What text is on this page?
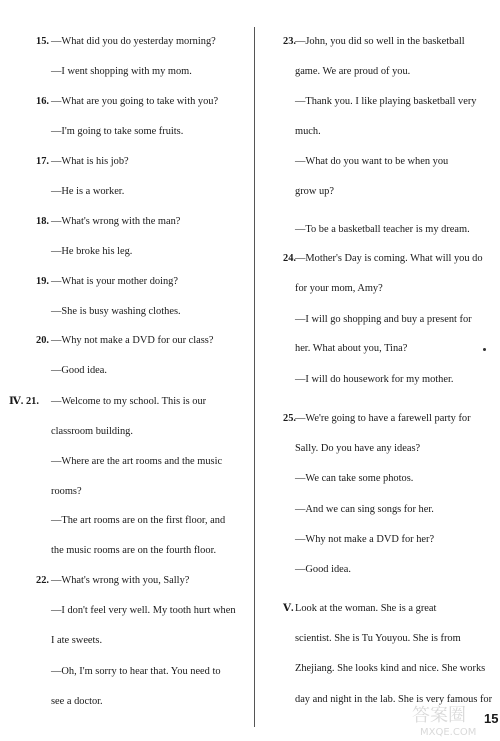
15. —What did you do yesterday morning?
—I went shopping with my mom.
16. —What are you going to take with you?
—I'm going to take some fruits.
17. —What is his job?
—He is a worker.
18. —What's wrong with the man?
—He broke his leg.
19. —What is your mother doing?
—She is busy washing clothes.
20. —Why not make a DVD for our class?
—Good idea.
Ⅳ. 21. —Welcome to my school. This is our
classroom building.
—Where are the art rooms and the music
rooms?
—The art rooms are on the first floor, and
the music rooms are on the fourth floor.
22. —What's wrong with you, Sally?
—I don't feel very well. My tooth hurt when
I ate sweets.
—Oh, I'm sorry to hear that. You need to
see a doctor.
23. —John, you did so well in the basketball
game. We are proud of you.
—Thank you. I like playing basketball very
much.
—What do you want to be when you
grow up?
—To be a basketball teacher is my dream.
24. —Mother's Day is coming. What will you do
for your mom, Amy?
—I will go shopping and buy a present for
her. What about you, Tina?
—I will do housework for my mother.
25. —We're going to have a farewell party for
Sally. Do you have any ideas?
—We can take some photos.
—And we can sing songs for her.
—Why not make a DVD for her?
—Good idea.
Ⅴ. Look at the woman. She is a great
scientist. She is Tu Youyou. She is from
Zhejiang. She looks kind and nice. She works
day and night in the lab. She is very famous for
15
答案圈
MXQE.COM
